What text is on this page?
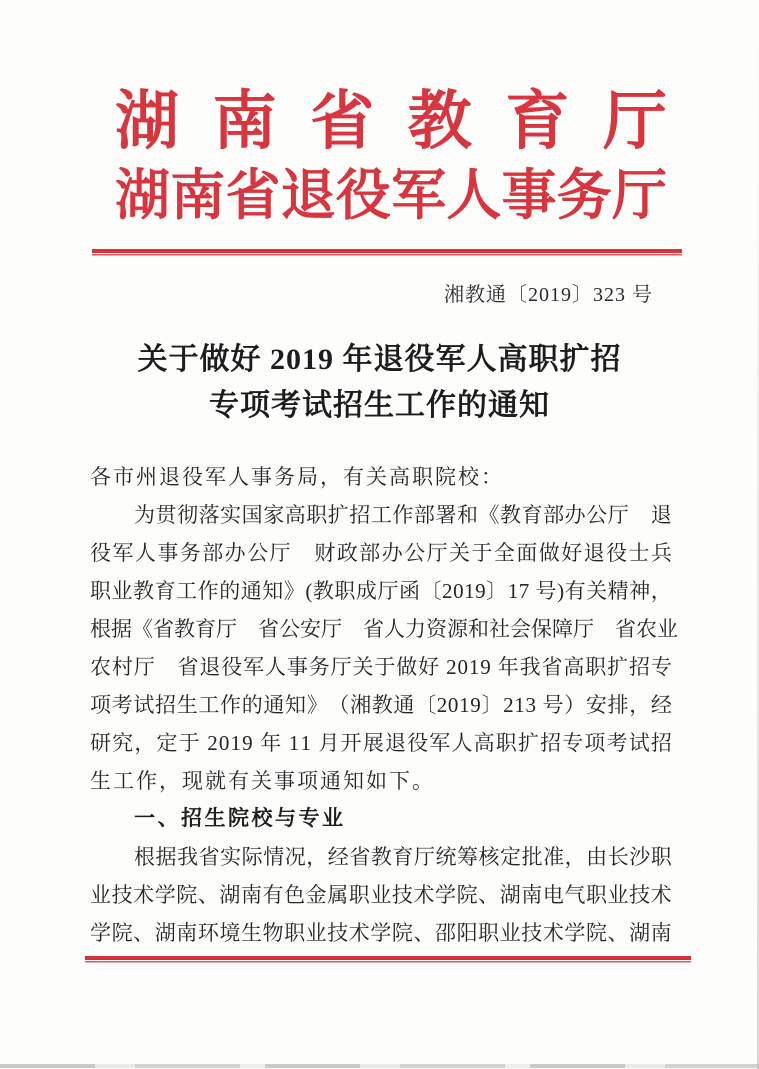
湖 南 省 教 育 厅
湖 南 省 退 役 军 人 事 务 厅
湘教通〔2019〕323 号
关于做好 2019 年退役军人高职扩招
专项考试招生工作的通知
各市州退役军人事务局，有关高职院校：
为 贯 彻 落 实 国 家 高 职 扩 招 工 作 部 署 和 《 教 育 部 办 公 厅
　 退
役 军 人 事 务 部 办 公 厅
　 财 政 部 办 公 厅 关 于 全 面 做 好 退 役 士 兵
职 业 教 育 工 作 的 通 知 》 ( 教 职 成 厅 函 〔 2 0 1 9 〕 1 7
号 ) 有 关 精 神 ，
根 据 《 省 教 育 厅
　 省 公 安 厅
　 省 人 力 资 源 和 社 会 保 障 厅
　 省 农 业
农 村 厅
　 省 退 役 军 人 事 务 厅 关 于 做 好
2 0 1 9
年 我 省 高 职 扩 招 专
项 考 试 招 生 工 作 的 通 知 》 （ 湘 教 通 〔 2 0 1 9 〕 2 1 3
号 ） 安 排 ， 经
研 究 ， 定 于
2 0 1 9
年
1 1
月 开 展 退 役 军 人 高 职 扩 招 专 项 考 试 招
生工作，现就有关事项通知如下。
一、招生院校与专业
根 据 我 省 实 际 情 况 ， 经 省 教 育 厅 统 筹 核 定 批 准 ， 由 长 沙 职
业 技 术 学 院 、 湖 南 有 色 金 属 职 业 技 术 学 院 、 湖 南 电 气 职 业 技 术
学 院 、 湖 南 环 境 生 物 职 业 技 术 学 院 、 邵 阳 职 业 技 术 学 院 、 湖 南
